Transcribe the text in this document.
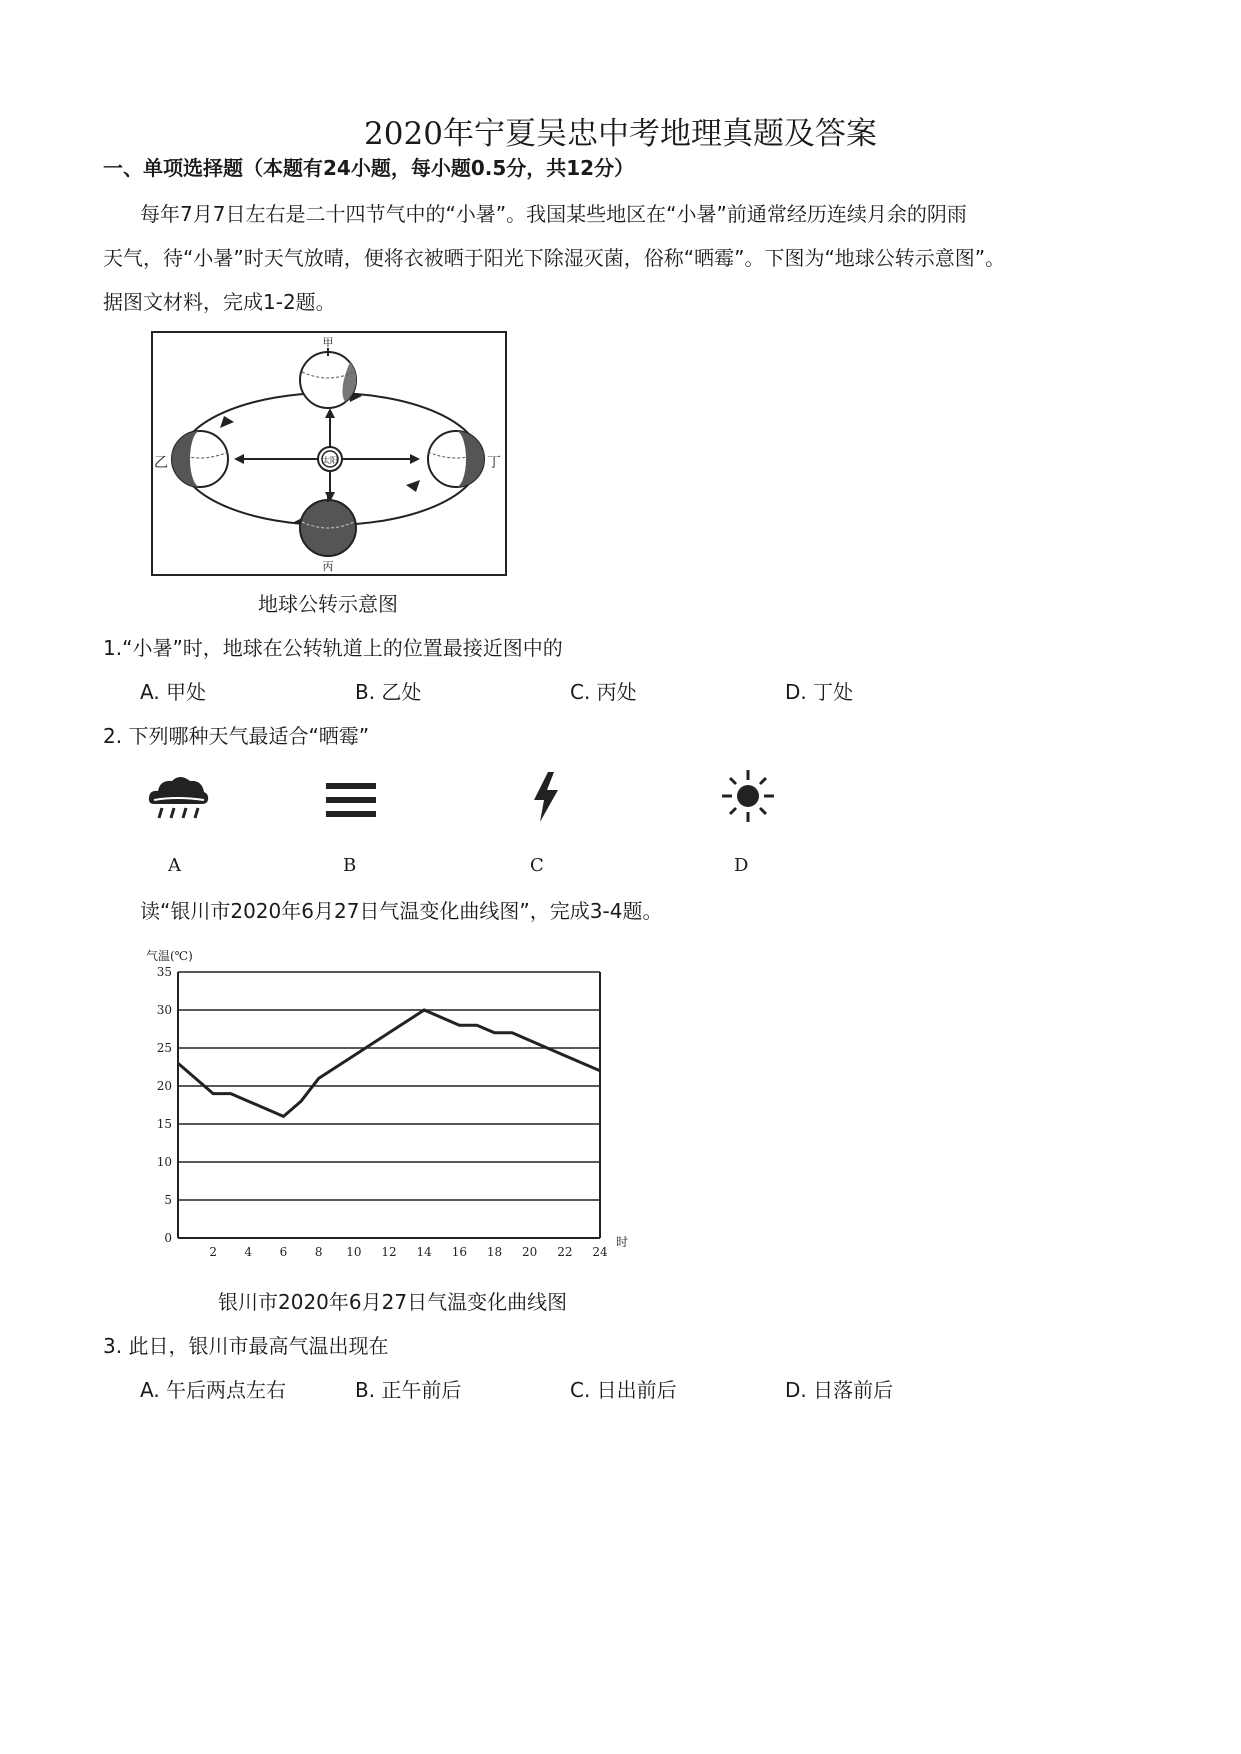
2020年宁夏吴忠中考地理真题及答案
一、单项选择题（本题有24小题，每小题0.5分，共12分）
每年7月7日左右是二十四节气中的“小暑”。我国某些地区在“小暑”前通常经历连续月余的阴雨
天气，待“小暑”时天气放晴，便将衣被晒于阳光下除湿灭菌，俗称“晒霉”。下图为“地球公转示意图”。
据图文材料，完成1-2题。
太阳
甲
乙
丙
丁
地球公转示意图
1.“小暑”时，地球在公转轨道上的位置最接近图中的
A. 甲处	B. 乙处	C. 丙处	D. 丁处
2. 下列哪种天气最适合“晒霉”
A	B	C	D
读“银川市2020年6月27日气温变化曲线图”，完成3-4题。
气温(℃)
5
10
15
20
25
30
35
0
2 4 6 8 10 12 14 16 18 20 22 24
时
银川市2020年6月27日气温变化曲线图
3. 此日，银川市最高气温出现在
A. 午后两点左右	B. 正午前后	C. 日出前后	D. 日落前后
